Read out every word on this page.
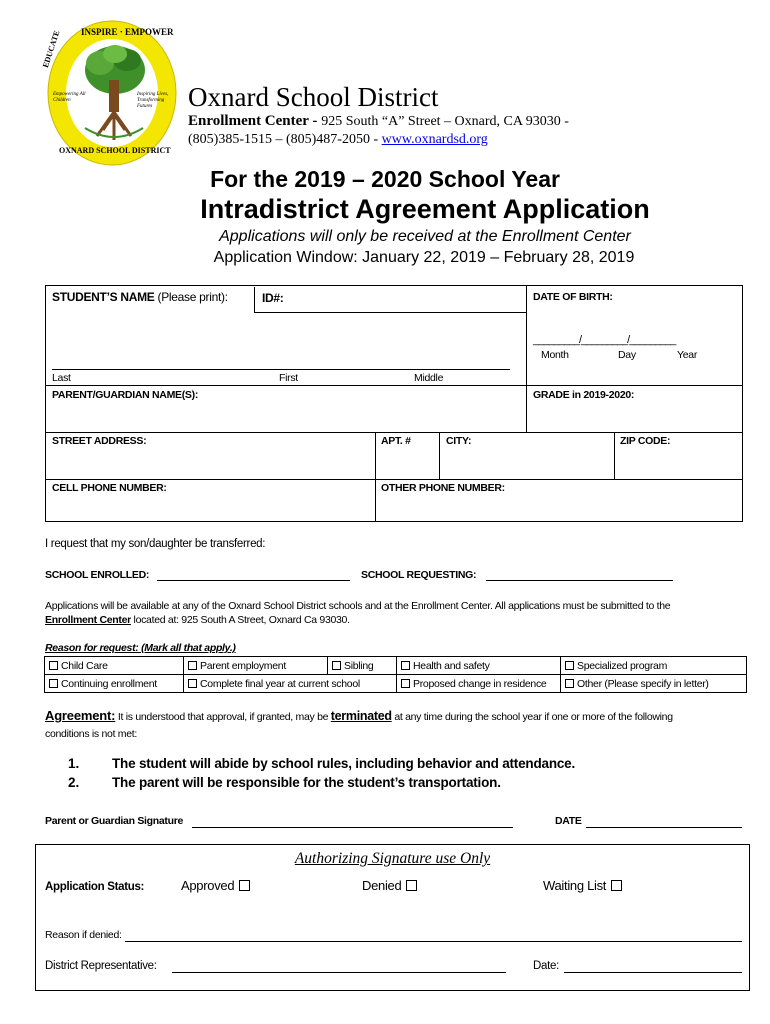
INSPIRE · EMPOWER
EDUCATE
Empowering All Children
Inspiring Lives, Transforming Futures
OXNARD SCHOOL DISTRICT
Oxnard School District
Enrollment Center - 925 South “A” Street – Oxnard, CA 93030 -
(805)385-1515 – (805)487-2050 - www.oxnardsd.org
For the 2019 – 2020 School Year
Intradistrict Agreement Application
Applications will only be received at the Enrollment Center
Application Window: January 22, 2019 – February 28, 2019
STUDENT’S NAME (Please print):	ID#:	DATE OF BIRTH:
_________/_________/_________
Month	Day	Year
Last	First	Middle
PARENT/GUARDIAN NAME(S):	GRADE in 2019-2020:
STREET ADDRESS:	APT. #	CITY:	ZIP CODE:
CELL PHONE NUMBER:	OTHER PHONE NUMBER:
I request that my son/daughter be transferred:
SCHOOL ENROLLED:	SCHOOL REQUESTING:
Applications will be available at any of the Oxnard School District schools and at the Enrollment Center. All applications must be submitted to the
Enrollment Center located at: 925 South A Street, Oxnard Ca 93030.
Reason for request: (Mark all that apply.)
Child Care	Parent employment	Sibling	Health and safety	Specialized program
Continuing enrollment	Complete final year at current school		Proposed change in residence	Other (Please specify in letter)
Agreement: It is understood that approval, if granted, may be terminated at any time during the school year if one or more of the following
conditions is not met:
1. The student will abide by school rules, including behavior and attendance.
2. The parent will be responsible for the student’s transportation.
Parent or Guardian Signature	DATE
Authorizing Signature use Only
Application Status:	Approved	Denied	Waiting List
Reason if denied:
District Representative:	Date:
